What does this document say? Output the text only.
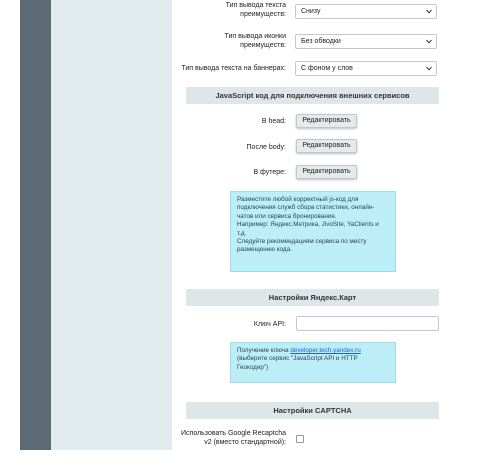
Тип вывода текста преимуществ:	Снизу
Тип вывода иконки преимуществ:
Без обводки
Тип вывода текста на баннерах:	С фоном у слов
JavaScript код для подключения внешних сервисов
В head:	Редактировать
После body:	Редактировать
В футере:	Редактировать
Разместите любой корректный js-код для
подключения служб сбора статистики, онлайн-
чатов или сервиса бронирования.
Например: Яндекс.Метрика, JivoSite, YaClients и
т.д.
Следуйте рекомендациям сервиса по месту
размещению кода.
Настройки Яндекс.Карт
Ключ API:
Получение ключа developer.tech.yandex.ru
(выберите сервис "JavaScript API и HTTP
Геокодер")
Настройки CAPTCHA
Использовать Google Recaptcha
v2 (вместо стандартной):
